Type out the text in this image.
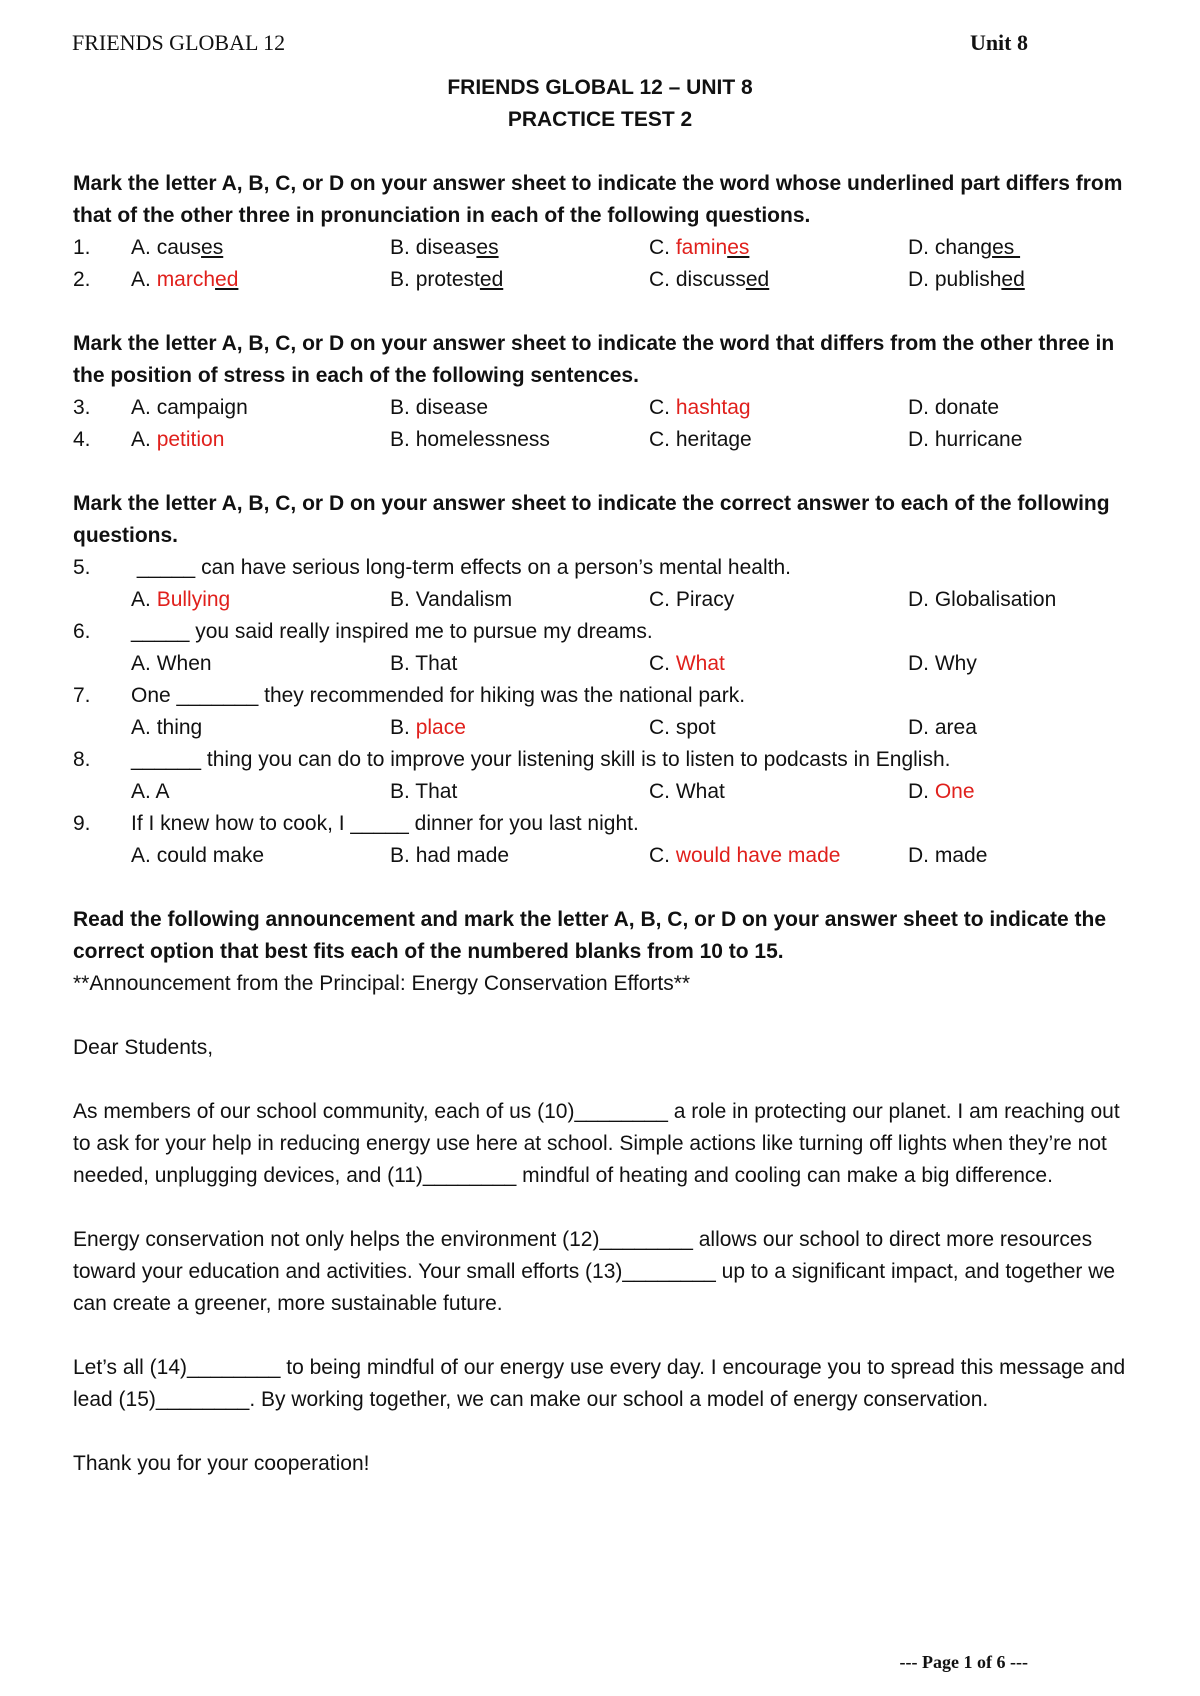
FRIENDS GLOBAL 12	Unit 8
FRIENDS GLOBAL 12 – UNIT 8
PRACTICE TEST 2

Mark the letter A, B, C, or D on your answer sheet to indicate the word whose underlined part differs from that of the other three in pronunciation in each of the following questions.

1. A. causes	B. diseases	C. famines	D. changes
2. A. marched	B. protested	C. discussed	D. published

Mark the letter A, B, C, or D on your answer sheet to indicate the word that differs from the other three in the position of stress in each of the following sentences.

3. A. campaign	B. disease	C. hashtag	D. donate
4. A. petition	B. homelessness	C. heritage	D. hurricane

Mark the letter A, B, C, or D on your answer sheet to indicate the correct answer to each of the following questions.

5. _____ can have serious long-term effects on a person’s mental health.
A. Bullying	B. Vandalism	C. Piracy	D. Globalisation
6. _____ you said really inspired me to pursue my dreams.
A. When	B. That	C. What	D. Why
7. One _______ they recommended for hiking was the national park.
A. thing	B. place	C. spot	D. area
8. ______ thing you can do to improve your listening skill is to listen to podcasts in English.
A. A	B. That	C. What	D. One
9. If I knew how to cook, I _____ dinner for you last night.
A. could make	B. had made	C. would have made	D. made

Read the following announcement and mark the letter A, B, C, or D on your answer sheet to indicate the correct option that best fits each of the numbered blanks from 10 to 15.

**Announcement from the Principal: Energy Conservation Efforts**

Dear Students,

As members of our school community, each of us (10)________ a role in protecting our planet. I am reaching out to ask for your help in reducing energy use here at school. Simple actions like turning off lights when they’re not needed, unplugging devices, and (11)________ mindful of heating and cooling can make a big difference.

Energy conservation not only helps the environment (12)________ allows our school to direct more resources toward your education and activities. Your small efforts (13)________ up to a significant impact, and together we can create a greener, more sustainable future.

Let’s all (14)________ to being mindful of our energy use every day. I encourage you to spread this message and lead (15)________. By working together, we can make our school a model of energy conservation.

Thank you for your cooperation!

--- Page 1 of 6 ---
